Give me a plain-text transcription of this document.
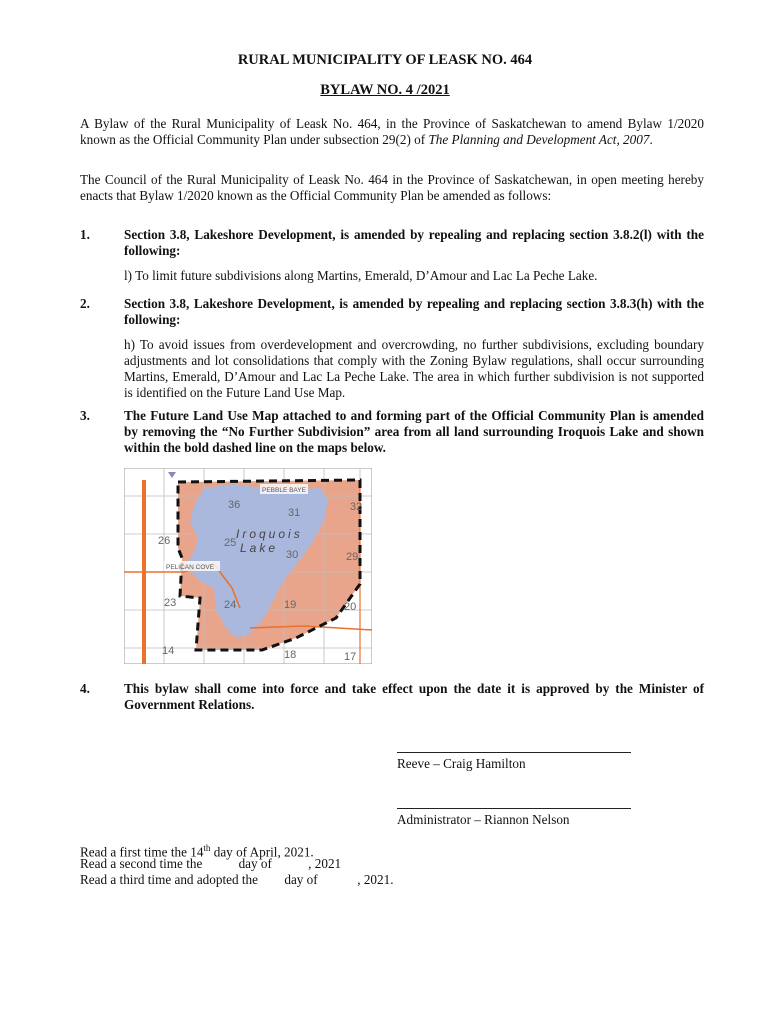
RURAL MUNICIPALITY OF LEASK NO. 464
BYLAW NO. 4 /2021
A Bylaw of the Rural Municipality of Leask No. 464, in the Province of Saskatchewan to amend Bylaw 1/2020 known as the Official Community Plan under subsection 29(2) of The Planning and Development Act, 2007.
The Council of the Rural Municipality of Leask No. 464 in the Province of Saskatchewan, in open meeting hereby enacts that Bylaw 1/2020 known as the Official Community Plan be amended as follows:
1.	Section 3.8, Lakeshore Development, is amended by repealing and replacing section 3.8.2(l) with the following:
l) To limit future subdivisions along Martins, Emerald, D’Amour and Lac La Peche Lake.
2.	Section 3.8, Lakeshore Development, is amended by repealing and replacing section 3.8.3(h) with the following:
h) To avoid issues from overdevelopment and overcrowding, no further subdivisions, excluding boundary adjustments and lot consolidations that comply with the Zoning Bylaw regulations, shall occur surrounding Martins, Emerald, D’Amour and Lac La Peche Lake. The area in which further subdivision is not supported is identified on the Future Land Use Map.
3.	The Future Land Use Map attached to and forming part of the Official Community Plan is amended by removing the “No Further Subdivision” area from all land surrounding Iroquois Lake and shown within the bold dashed line on the maps below.
36
31	32
26	25
30	29
23	24	19	20
14	18	17
Iroquois
Lake
PEBBLE BAYE
PELICAN COVE
4.	This bylaw shall come into force and take effect upon the date it is approved by the Minister of Government Relations.
Reeve – Craig Hamilton
Administrator – Riannon Nelson
Read a first time the 14th day of April, 2021.
Read a second time the           day of           , 2021
Read a third time and adopted the        day of            , 2021.
